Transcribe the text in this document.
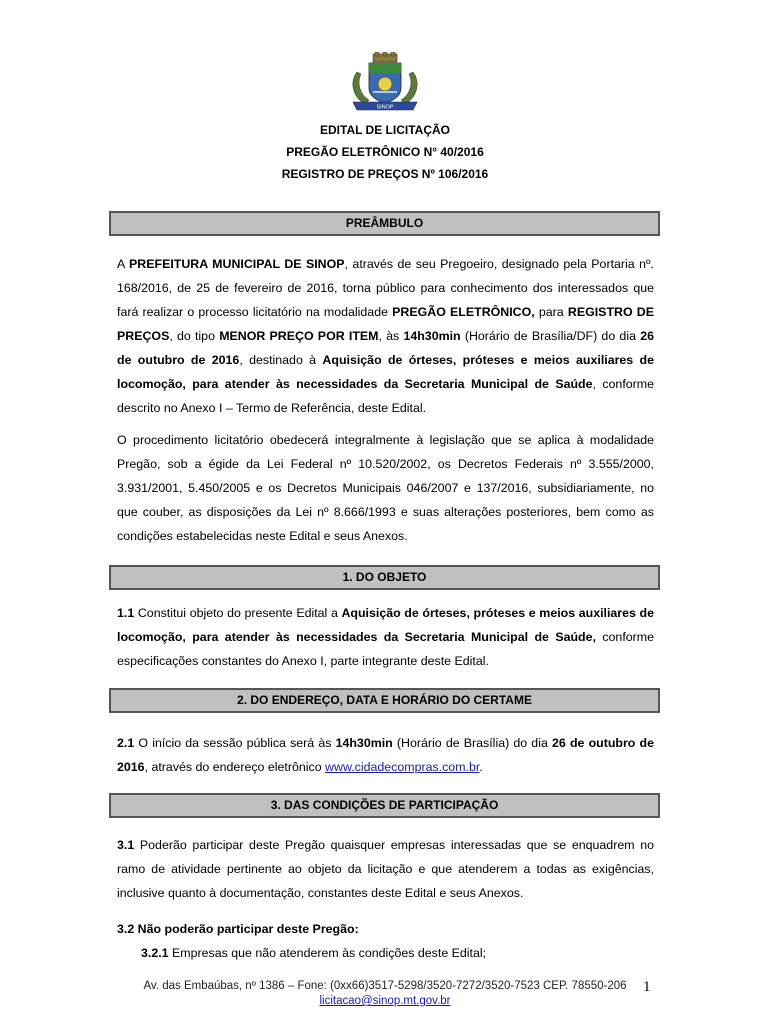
SINOP
EDITAL DE LICITAÇÃO
PREGÃO ELETRÔNICO N° 40/2016
REGISTRO DE PREÇOS Nº 106/2016
PREÂMBULO
A PREFEITURA MUNICIPAL DE SINOP, através de seu Pregoeiro, designado pela Portaria nº. 168/2016, de 25 de fevereiro de 2016, torna público para conhecimento dos interessados que fará realizar o processo licitatório na modalidade PREGÃO ELETRÔNICO, para REGISTRO DE PREÇOS, do tipo MENOR PREÇO POR ITEM, às 14h30min (Horário de Brasília/DF) do dia 26 de outubro de 2016, destinado à Aquisição de órteses, próteses e meios auxiliares de locomoção, para atender às necessidades da Secretaria Municipal de Saúde, conforme descrito no Anexo I – Termo de Referência, deste Edital.
O procedimento licitatório obedecerá integralmente à legislação que se aplica à modalidade Pregão, sob a égide da Lei Federal nº 10.520/2002, os Decretos Federais nº 3.555/2000, 3.931/2001, 5.450/2005 e os Decretos Municipais 046/2007 e 137/2016, subsidiariamente, no que couber, as disposições da Lei nº 8.666/1993 e suas alterações posteriores, bem como as condições estabelecidas neste Edital e seus Anexos.
1. DO OBJETO
1.1 Constitui objeto do presente Edital a Aquisição de órteses, próteses e meios auxiliares de locomoção, para atender às necessidades da Secretaria Municipal de Saúde, conforme especificações constantes do Anexo I, parte integrante deste Edital.
2. DO ENDEREÇO, DATA E HORÁRIO DO CERTAME
2.1 O início da sessão pública será às 14h30min (Horário de Brasília) do dia 26 de outubro de 2016, através do endereço eletrônico www.cidadecompras.com.br.
3. DAS CONDIÇÕES DE PARTICIPAÇÃO
3.1 Poderão participar deste Pregão quaisquer empresas interessadas que se enquadrem no ramo de atividade pertinente ao objeto da licitação e que atenderem a todas as exigências, inclusive quanto à documentação, constantes deste Edital e seus Anexos.
3.2 Não poderão participar deste Pregão:
3.2.1 Empresas que não atenderem às condições deste Edital;
Av. das Embaúbas, nº 1386 – Fone: (0xx66)3517-5298/3520-7272/3520-7523 CEP. 78550-206
licitacao@sinop.mt.gov.br
1
